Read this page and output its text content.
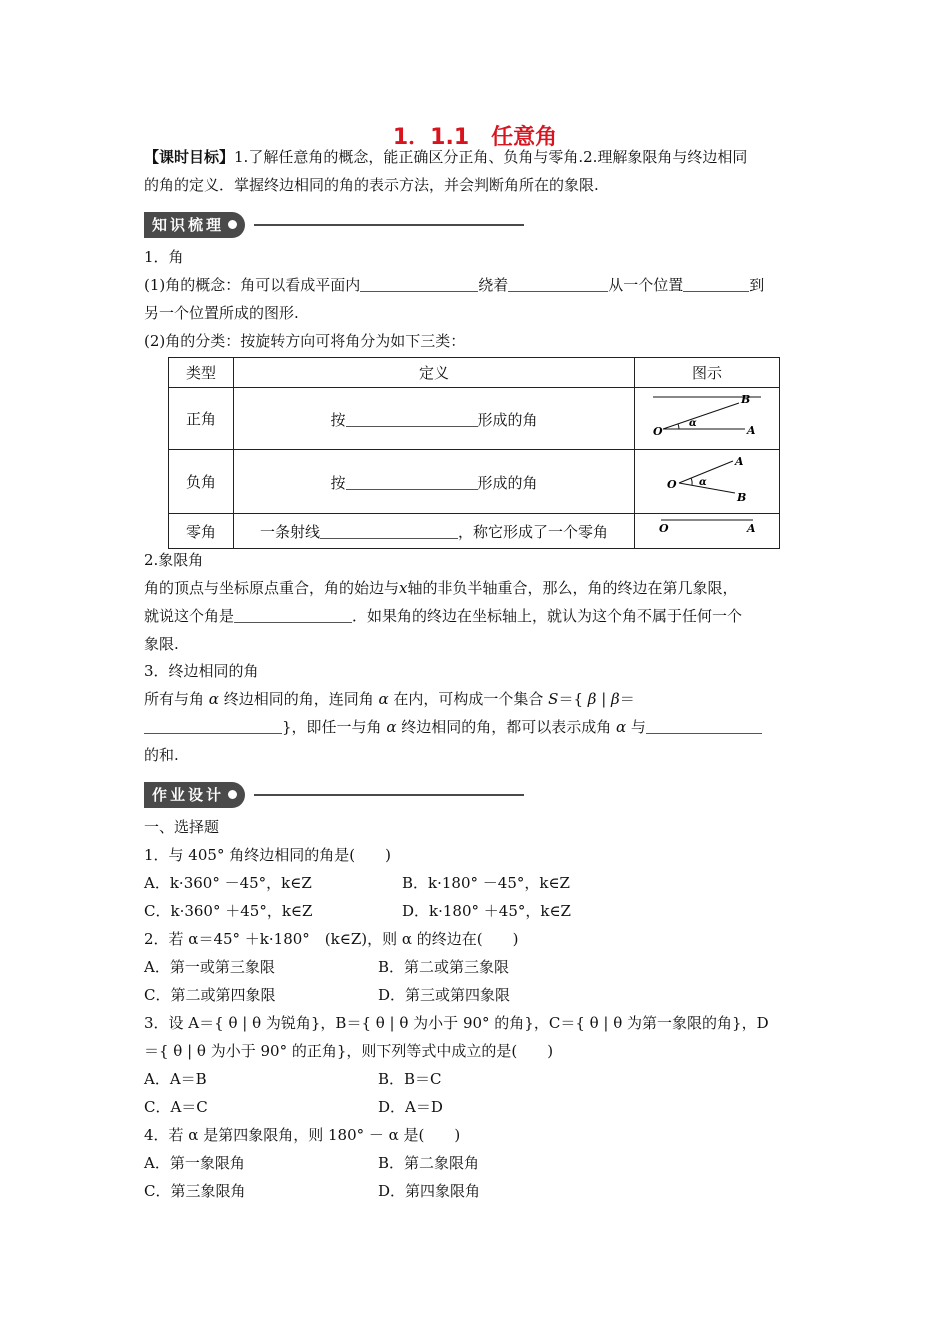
1．1.1　任意角
【课时目标】1.了解任意角的概念，能正确区分正角、负角与零角.2.理解象限角与终边相同
的角的定义．掌握终边相同的角的表示方法，并会判断角所在的象限.
知识梳理
1．角
(1)角的概念：角可以看成平面内	绕着	从一个位置	到
另一个位置所成的图形.
(2)角的分类：按旋转方向可将角分为如下三类：
类型	定义	图示
正角	按 形成的角	O A
B
α

负角	按 形成的角	O
A
B
α

零角	一条射线 ，称它形成了一个零角	O A
2.象限角
角的顶点与坐标原点重合，角的始边与x轴的非负半轴重合，那么，角的终边在第几象限，
就说这个角是	．如果角的终边在坐标轴上，就认为这个角不属于任何一个
象限.
3．终边相同的角
所有与角 α 终边相同的角，连同角 α 在内，可构成一个集合 S＝{ β | β＝
}，即任一与角 α 终边相同的角，都可以表示成角 α 与
的和.
作业设计
一、选择题
1．与 405° 角终边相同的角是(　　)
A．k·360° －45°，k∈Z	B．k·180° －45°，k∈Z
C．k·360° ＋45°，k∈Z	D．k·180° ＋45°，k∈Z
2．若 α＝45° ＋k·180°　(k∈Z)，则 α 的终边在(　　)
A．第一或第三象限	B．第二或第三象限
C．第二或第四象限	D．第三或第四象限
3．设 A＝{ θ | θ 为锐角}，B＝{ θ | θ 为小于 90° 的角}，C＝{ θ | θ 为第一象限的角}，D
＝{ θ | θ 为小于 90° 的正角}，则下列等式中成立的是(　　)
A．A＝B	B．B＝C
C．A＝C	D．A＝D
4．若 α 是第四象限角，则 180° － α 是(　　)
A．第一象限角	B．第二象限角
C．第三象限角	D．第四象限角
